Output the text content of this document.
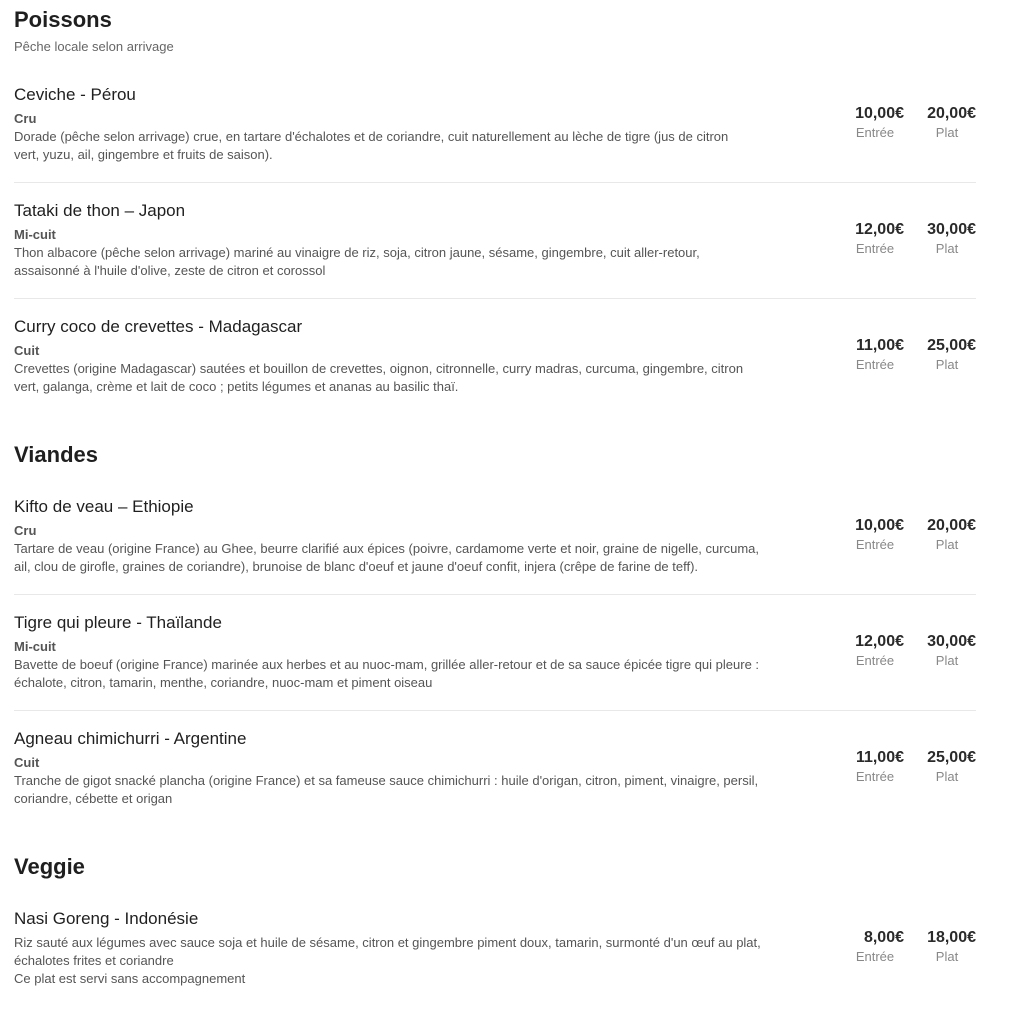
Poissons
Pêche locale selon arrivage
Ceviche - Pérou
Cru
Dorade (pêche selon arrivage) crue, en tartare d'échalotes et de coriandre, cuit naturellement au lèche de tigre (jus de citron
vert, yuzu, ail, gingembre et fruits de saison).
10,00€
Entrée
20,00€
Plat
Tataki de thon – Japon
Mi-cuit
Thon albacore (pêche selon arrivage) mariné au vinaigre de riz, soja, citron jaune, sésame, gingembre, cuit aller-retour,
assaisonné à l'huile d'olive, zeste de citron et corossol
12,00€
Entrée
30,00€
Plat
Curry coco de crevettes - Madagascar
Cuit
Crevettes (origine Madagascar) sautées et bouillon de crevettes, oignon, citronnelle, curry madras, curcuma, gingembre, citron
vert, galanga, crème et lait de coco ; petits légumes et ananas au basilic thaï.
11,00€
Entrée
25,00€
Plat
Viandes
Kifto de veau – Ethiopie
Cru
Tartare de veau (origine France) au Ghee, beurre clarifié aux épices (poivre, cardamome verte et noir, graine de nigelle, curcuma,
ail, clou de girofle, graines de coriandre), brunoise de blanc d'oeuf et jaune d'oeuf confit, injera (crêpe de farine de teff).
10,00€
Entrée
20,00€
Plat
Tigre qui pleure - Thaïlande
Mi-cuit
Bavette de boeuf (origine France) marinée aux herbes et au nuoc-mam, grillée aller-retour et de sa sauce épicée tigre qui pleure :
échalote, citron, tamarin, menthe, coriandre, nuoc-mam et piment oiseau
12,00€
Entrée
30,00€
Plat
Agneau chimichurri - Argentine
Cuit
Tranche de gigot snacké plancha (origine France) et sa fameuse sauce chimichurri : huile d'origan, citron, piment, vinaigre, persil,
coriandre, cébette et origan
11,00€
Entrée
25,00€
Plat
Veggie
Nasi Goreng - Indonésie
Riz sauté aux légumes avec sauce soja et huile de sésame, citron et gingembre piment doux, tamarin, surmonté d'un œuf au plat,
échalotes frites et coriandre
Ce plat est servi sans accompagnement
8,00€
Entrée
18,00€
Plat
